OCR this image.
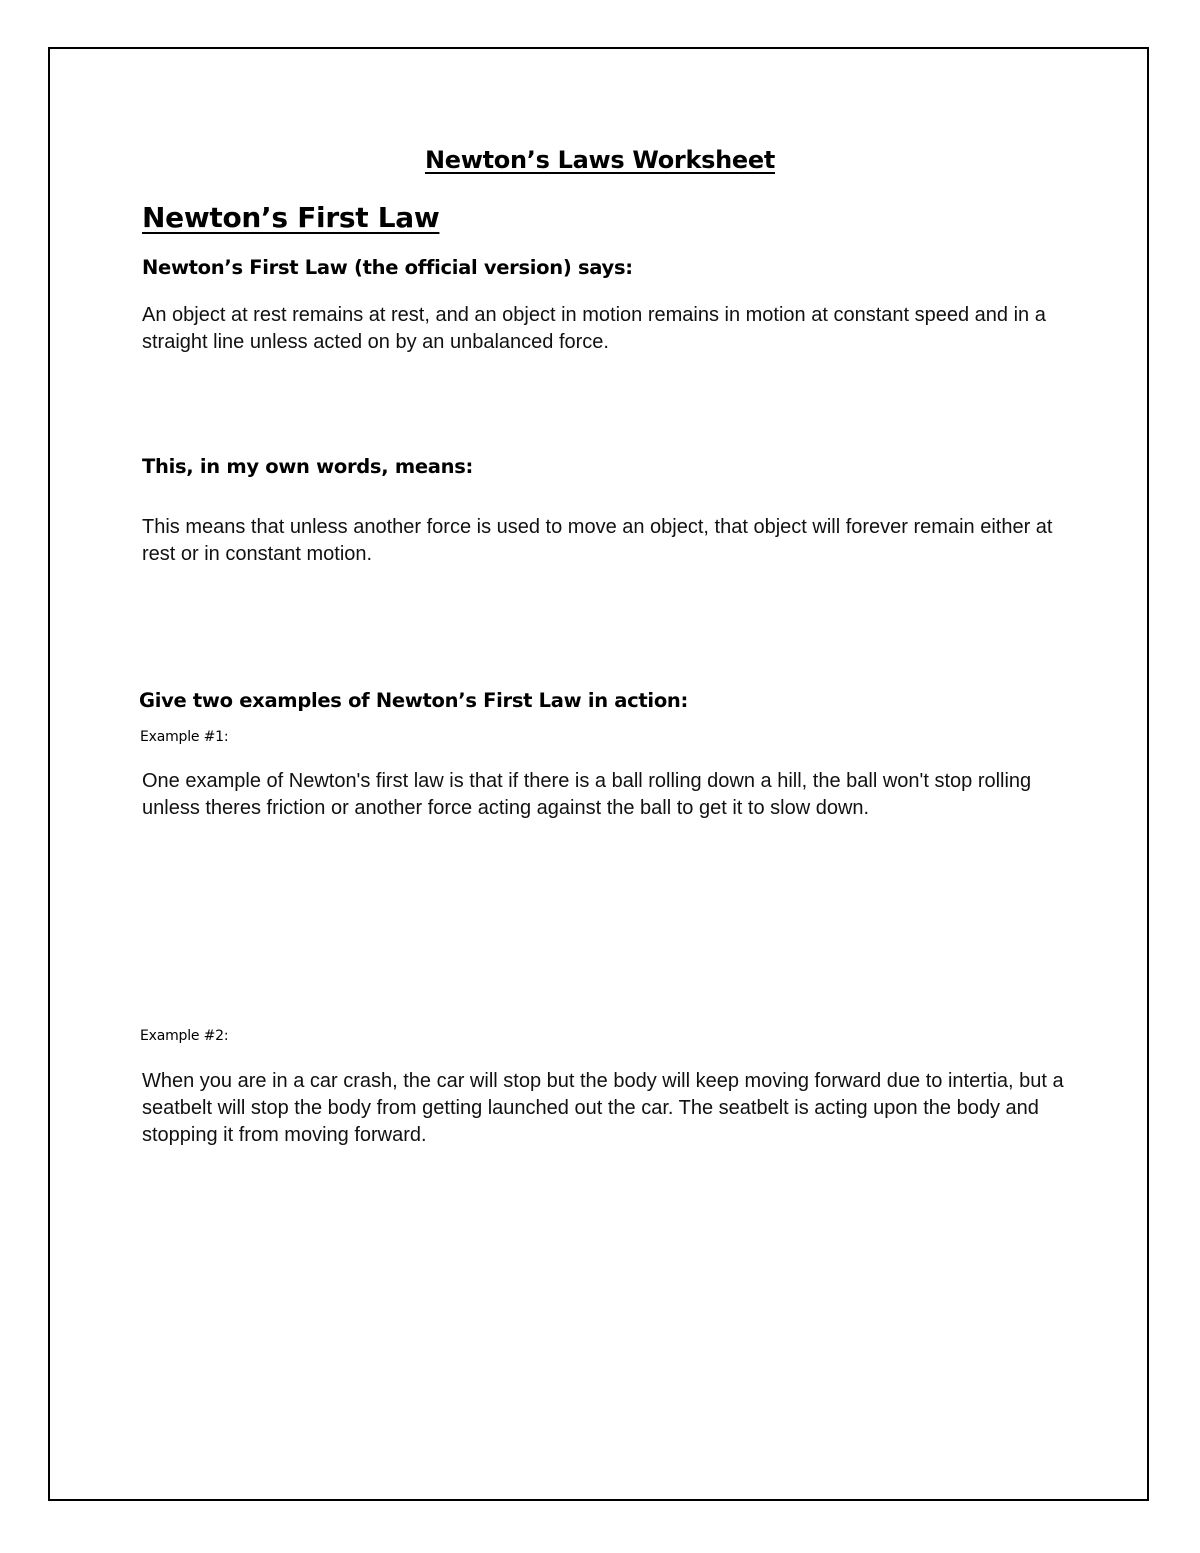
Newton’s Laws Worksheet
Newton’s First Law
Newton’s First Law (the official version) says:
An object at rest remains at rest, and an object in motion remains in motion at constant speed and in a straight line unless acted on by an unbalanced force.
This, in my own words, means:
This means that unless another force is used to move an object, that object will forever remain either at rest or in constant motion.
Give two examples of Newton’s First Law in action:
Example #1:
One example of Newton's first law is that if there is a ball rolling down a hill, the ball won't stop rolling unless theres friction or another force acting against the ball to get it to slow down.
Example #2:
When you are in a car crash, the car will stop but the body will keep moving forward due to intertia, but a seatbelt will stop the body from getting launched out the car. The seatbelt is acting upon the body and stopping it from moving forward.
